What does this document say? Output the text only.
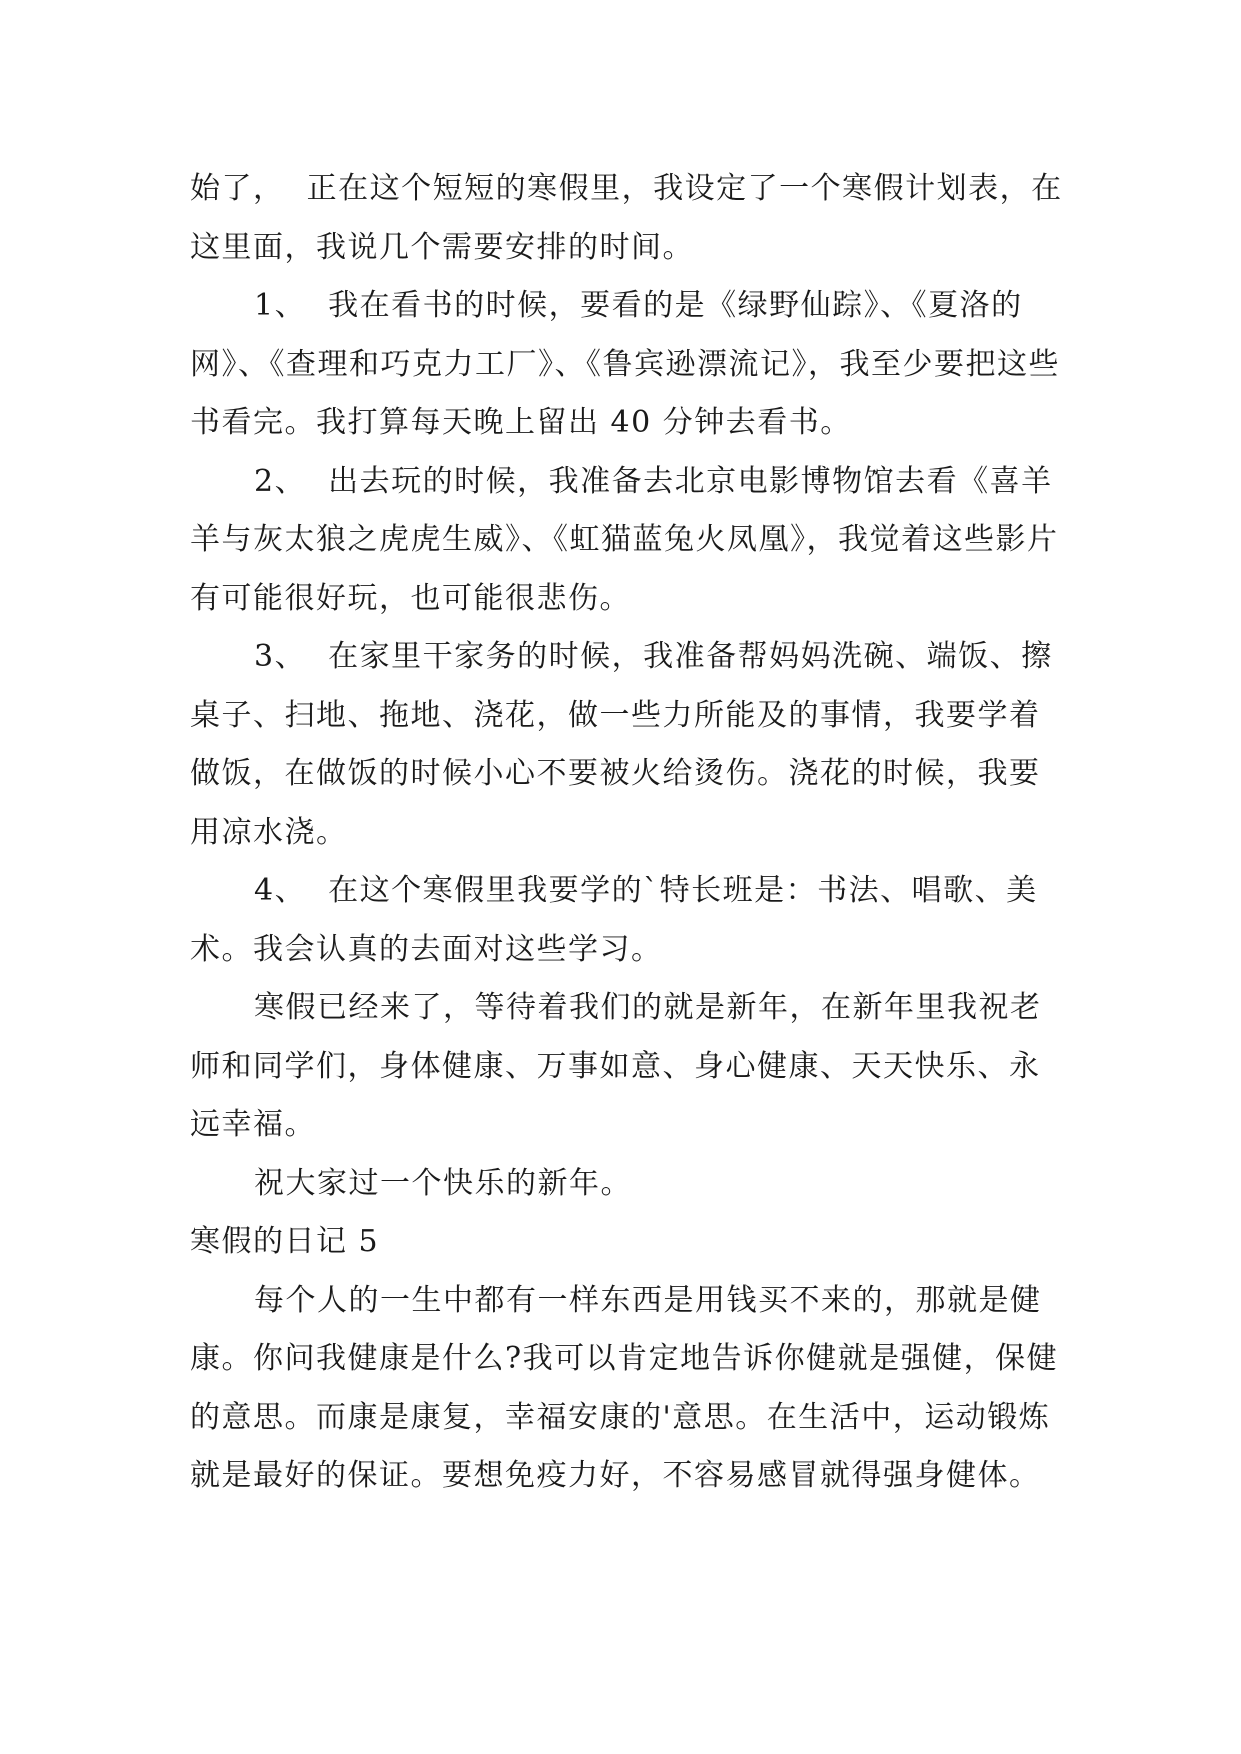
始了，  正在这个短短的寒假里，我设定了一个寒假计划表，在这里面，我说几个需要安排的时间。

1、  我在看书的时候，要看的是《绿野仙踪》、《夏洛的网》、《查理和巧克力工厂》、《鲁宾逊漂流记》，我至少要把这些书看完。我打算每天晚上留出 40 分钟去看书。

2、  出去玩的时候，我准备去北京电影博物馆去看《喜羊羊与灰太狼之虎虎生威》、《虹猫蓝兔火凤凰》，我觉着这些影片有可能很好玩，也可能很悲伤。

3、  在家里干家务的时候，我准备帮妈妈洗碗、端饭、擦桌子、扫地、拖地、浇花，做一些力所能及的事情，我要学着做饭，在做饭的时候小心不要被火给烫伤。浇花的时候，我要用凉水浇。

4、  在这个寒假里我要学的`特长班是：书法、唱歌、美术。我会认真的去面对这些学习。

寒假已经来了，等待着我们的就是新年，在新年里我祝老师和同学们，身体健康、万事如意、身心健康、天天快乐、永远幸福。

祝大家过一个快乐的新年。

寒假的日记 5

每个人的一生中都有一样东西是用钱买不来的，那就是健康。你问我健康是什么?我可以肯定地告诉你健就是强健，保健的意思。而康是康复，幸福安康的'意思。在生活中，运动锻炼就是最好的保证。要想免疫力好，不容易感冒就得强身健体。
